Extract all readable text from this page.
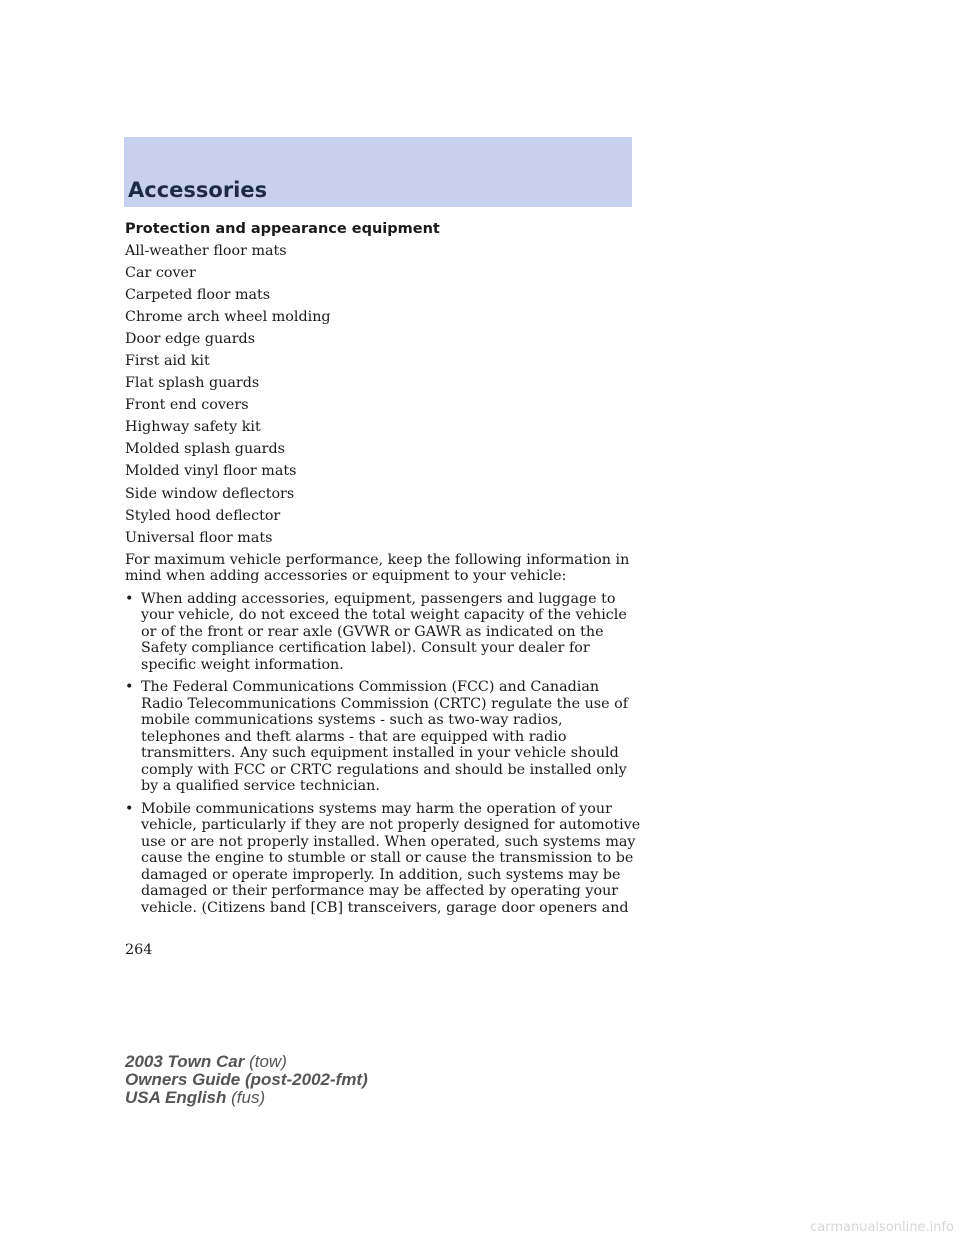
Accessories
Protection and appearance equipment
All-weather floor mats
Car cover
Carpeted floor mats
Chrome arch wheel molding
Door edge guards
First aid kit
Flat splash guards
Front end covers
Highway safety kit
Molded splash guards
Molded vinyl floor mats
Side window deflectors
Styled hood deflector
Universal floor mats
For maximum vehicle performance, keep the following information in mind when adding accessories or equipment to your vehicle:
• When adding accessories, equipment, passengers and luggage to your vehicle, do not exceed the total weight capacity of the vehicle or of the front or rear axle (GVWR or GAWR as indicated on the Safety compliance certification label). Consult your dealer for specific weight information.
• The Federal Communications Commission (FCC) and Canadian Radio Telecommunications Commission (CRTC) regulate the use of mobile communications systems - such as two-way radios, telephones and theft alarms - that are equipped with radio transmitters. Any such equipment installed in your vehicle should comply with FCC or CRTC regulations and should be installed only by a qualified service technician.
• Mobile communications systems may harm the operation of your vehicle, particularly if they are not properly designed for automotive use or are not properly installed. When operated, such systems may cause the engine to stumble or stall or cause the transmission to be damaged or operate improperly. In addition, such systems may be damaged or their performance may be affected by operating your vehicle. (Citizens band [CB] transceivers, garage door openers and
264
2003 Town Car (tow)
Owners Guide (post-2002-fmt)
USA English (fus)
carmanualsonline.info
